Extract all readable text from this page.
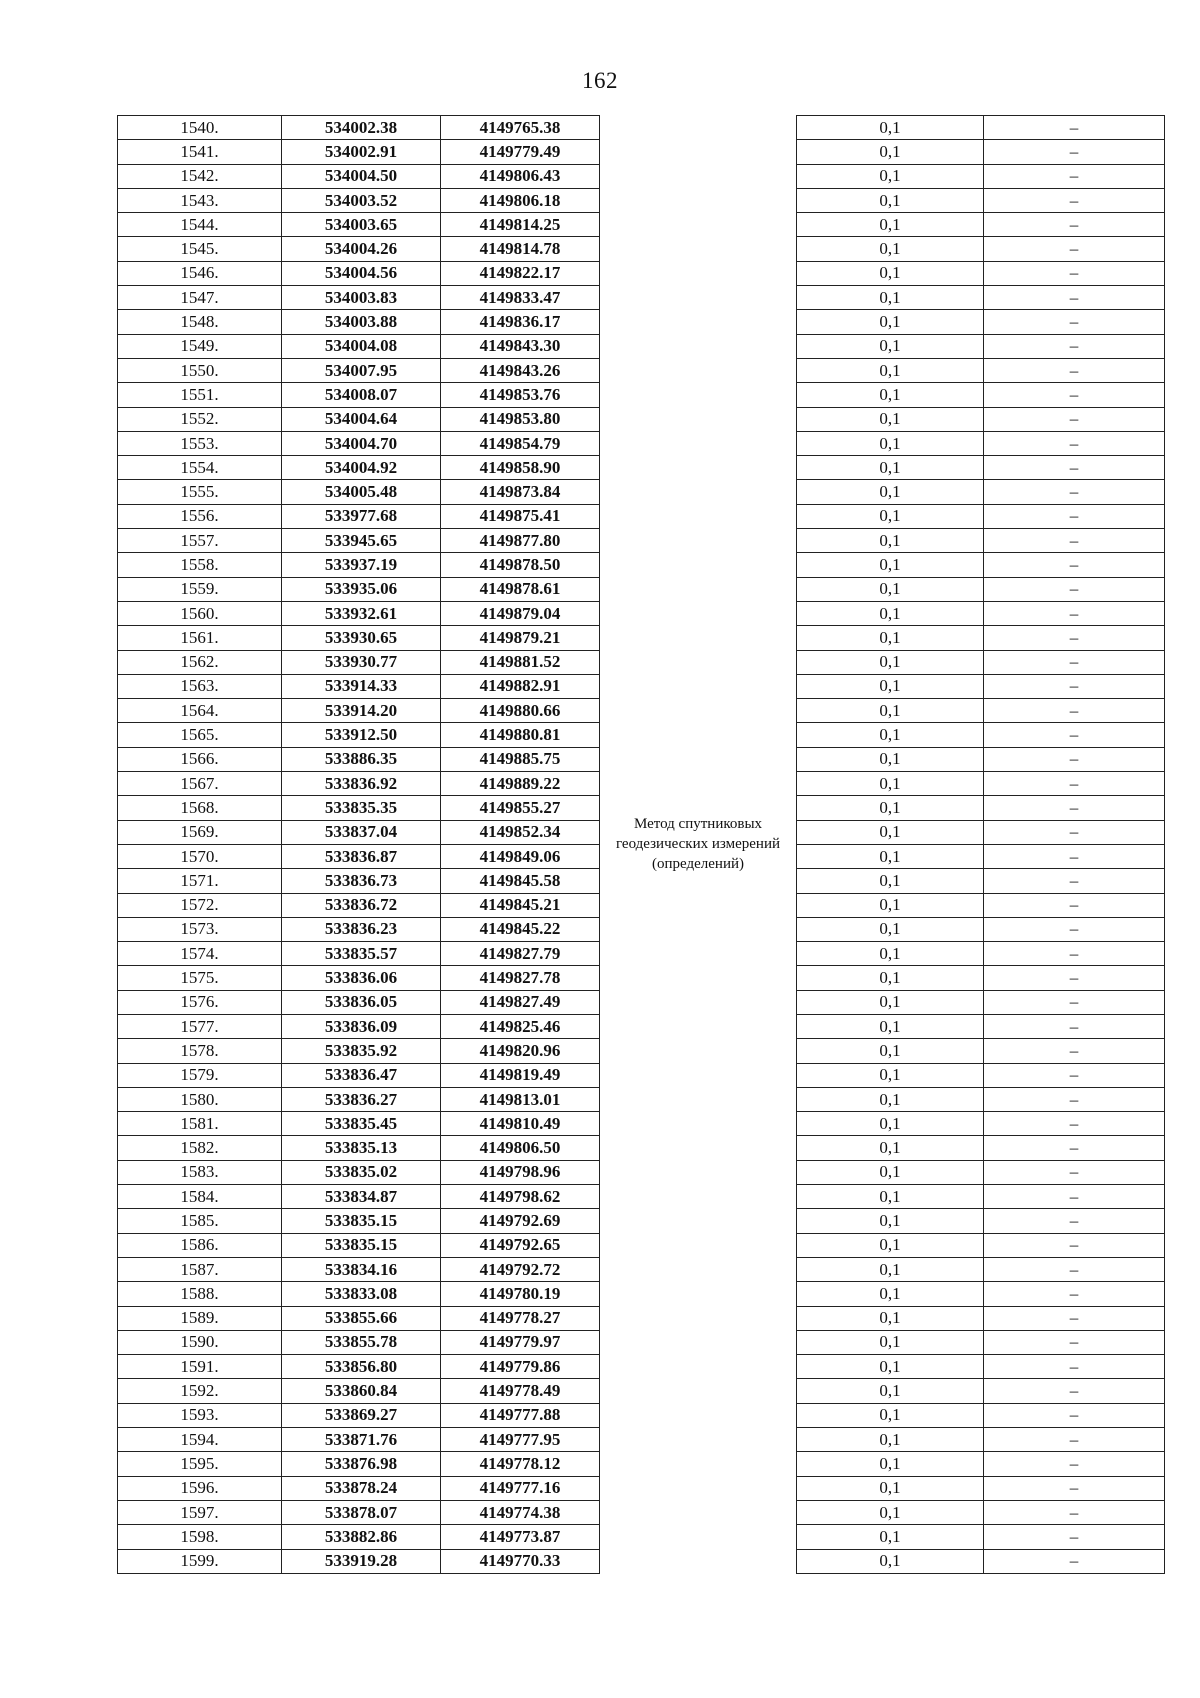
162
1540.	534002.38	4149765.38	Метод спутниковых геодезических измерений (определений)	0,1	–
1541.	534002.91	4149779.49		0,1	–
1542.	534004.50	4149806.43		0,1	–
1543.	534003.52	4149806.18		0,1	–
1544.	534003.65	4149814.25		0,1	–
1545.	534004.26	4149814.78		0,1	–
1546.	534004.56	4149822.17		0,1	–
1547.	534003.83	4149833.47		0,1	–
1548.	534003.88	4149836.17		0,1	–
1549.	534004.08	4149843.30		0,1	–
1550.	534007.95	4149843.26		0,1	–
1551.	534008.07	4149853.76		0,1	–
1552.	534004.64	4149853.80		0,1	–
1553.	534004.70	4149854.79		0,1	–
1554.	534004.92	4149858.90		0,1	–
1555.	534005.48	4149873.84		0,1	–
1556.	533977.68	4149875.41		0,1	–
1557.	533945.65	4149877.80		0,1	–
1558.	533937.19	4149878.50		0,1	–
1559.	533935.06	4149878.61		0,1	–
1560.	533932.61	4149879.04		0,1	–
1561.	533930.65	4149879.21		0,1	–
1562.	533930.77	4149881.52		0,1	–
1563.	533914.33	4149882.91		0,1	–
1564.	533914.20	4149880.66		0,1	–
1565.	533912.50	4149880.81		0,1	–
1566.	533886.35	4149885.75		0,1	–
1567.	533836.92	4149889.22		0,1	–
1568.	533835.35	4149855.27		0,1	–
1569.	533837.04	4149852.34		0,1	–
1570.	533836.87	4149849.06		0,1	–
1571.	533836.73	4149845.58		0,1	–
1572.	533836.72	4149845.21		0,1	–
1573.	533836.23	4149845.22		0,1	–
1574.	533835.57	4149827.79		0,1	–
1575.	533836.06	4149827.78		0,1	–
1576.	533836.05	4149827.49		0,1	–
1577.	533836.09	4149825.46		0,1	–
1578.	533835.92	4149820.96		0,1	–
1579.	533836.47	4149819.49		0,1	–
1580.	533836.27	4149813.01		0,1	–
1581.	533835.45	4149810.49		0,1	–
1582.	533835.13	4149806.50		0,1	–
1583.	533835.02	4149798.96		0,1	–
1584.	533834.87	4149798.62		0,1	–
1585.	533835.15	4149792.69		0,1	–
1586.	533835.15	4149792.65		0,1	–
1587.	533834.16	4149792.72		0,1	–
1588.	533833.08	4149780.19		0,1	–
1589.	533855.66	4149778.27		0,1	–
1590.	533855.78	4149779.97		0,1	–
1591.	533856.80	4149779.86		0,1	–
1592.	533860.84	4149778.49		0,1	–
1593.	533869.27	4149777.88		0,1	–
1594.	533871.76	4149777.95		0,1	–
1595.	533876.98	4149778.12		0,1	–
1596.	533878.24	4149777.16		0,1	–
1597.	533878.07	4149774.38		0,1	–
1598.	533882.86	4149773.87		0,1	–
1599.	533919.28	4149770.33		0,1	–
